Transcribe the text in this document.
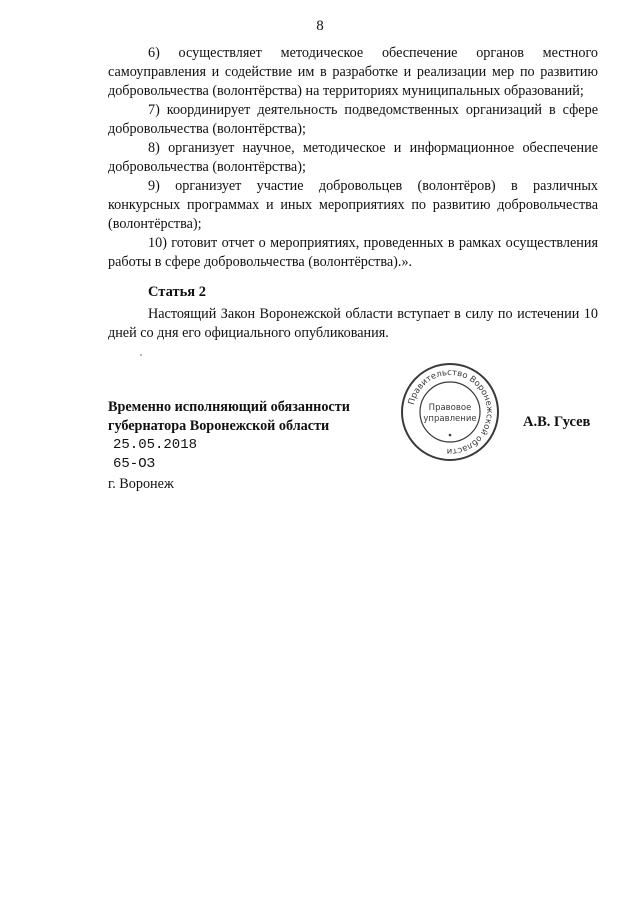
8

6) осуществляет методическое обеспечение органов местного самоуправления и содействие им в разработке и реализации мер по развитию добровольчества (волонтёрства) на территориях муниципальных образований;

7) координирует деятельность подведомственных организаций в сфере добровольчества (волонтёрства);

8) организует научное, методическое и информационное обеспечение добровольчества (волонтёрства);

9) организует участие добровольцев (волонтёров) в различных конкурсных программах и иных мероприятиях по развитию добровольчества (волонтёрства);

10) готовит отчет о мероприятиях, проведенных в рамках осуществления работы в сфере добровольчества (волонтёрства).».

Статья 2

Настоящий Закон Воронежской области вступает в силу по истечении 10 дней со дня его официального опубликования.

'

Временно исполняющий обязанности

губернатора Воронежской области

25.05.2018

65-ОЗ

г. Воронеж

Правительство Воронежской области
Правовое
управление	А.В. Гусев
